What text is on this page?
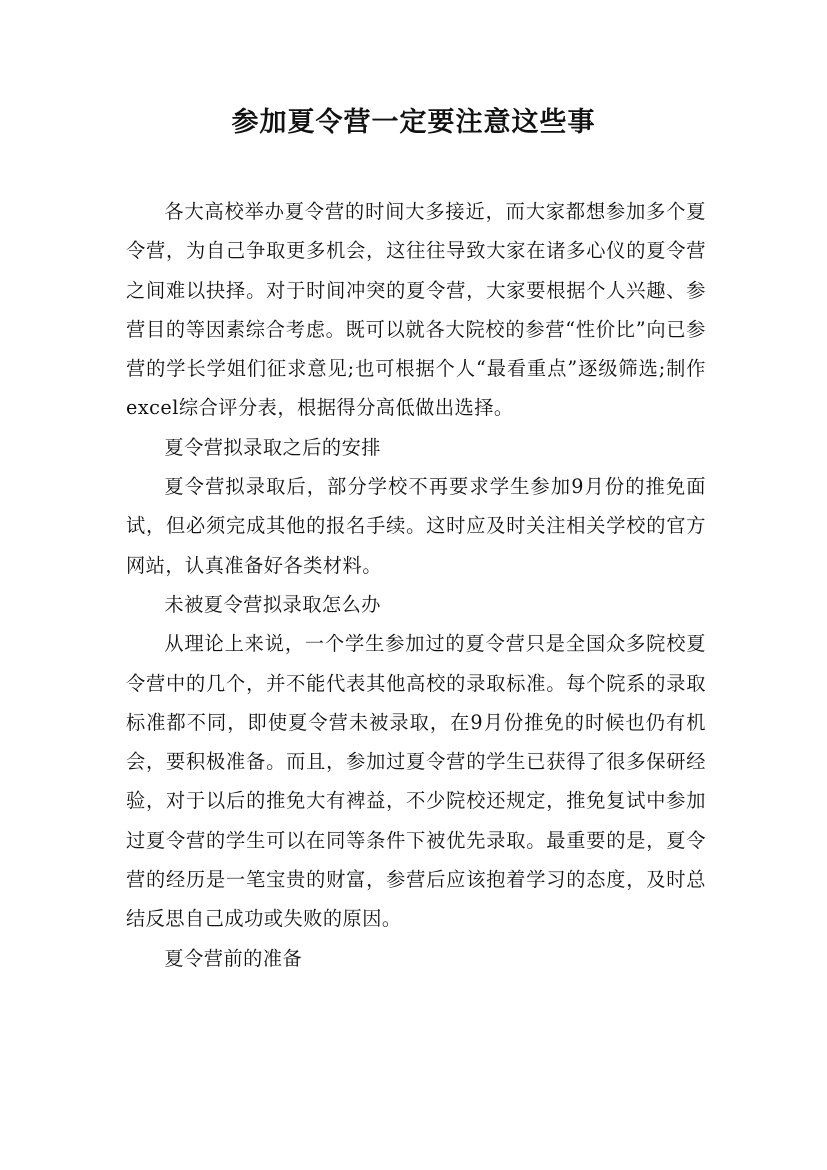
参加夏令营一定要注意这些事

各大高校举办夏令营的时间大多接近，而大家都想参加多个夏令营，为自己争取更多机会，这往往导致大家在诸多心仪的夏令营之间难以抉择。对于时间冲突的夏令营，大家要根据个人兴趣、参营目的等因素综合考虑。既可以就各大院校的参营“性价比”向已参营的学长学姐们征求意见;也可根据个人“最看重点”逐级筛选;制作excel综合评分表，根据得分高低做出选择。

夏令营拟录取之后的安排

夏令营拟录取后，部分学校不再要求学生参加9月份的推免面试，但必须完成其他的报名手续。这时应及时关注相关学校的官方网站，认真准备好各类材料。

未被夏令营拟录取怎么办

从理论上来说，一个学生参加过的夏令营只是全国众多院校夏令营中的几个，并不能代表其他高校的录取标准。每个院系的录取标准都不同，即使夏令营未被录取，在9月份推免的时候也仍有机会，要积极准备。而且，参加过夏令营的学生已获得了很多保研经验，对于以后的推免大有裨益，不少院校还规定，推免复试中参加过夏令营的学生可以在同等条件下被优先录取。最重要的是，夏令营的经历是一笔宝贵的财富，参营后应该抱着学习的态度，及时总结反思自己成功或失败的原因。

夏令营前的准备
